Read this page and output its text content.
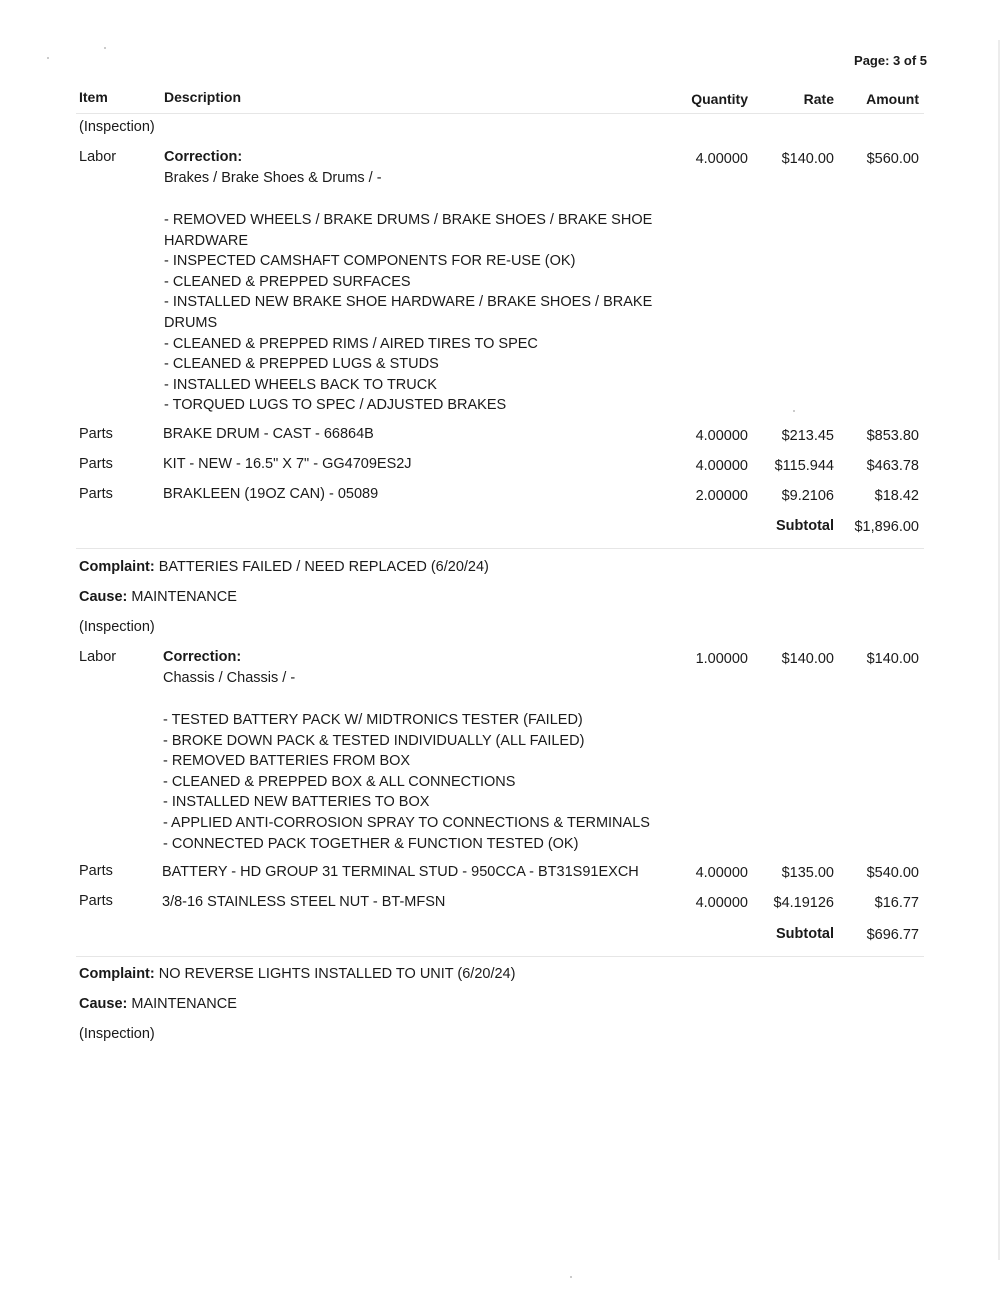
Page: 3 of 5
Item	Description	Quantity	Rate Amount
(Inspection)
Labor	Correction:
Brakes / Brake Shoes & Drums / -
4.00000 $140.00 $560.00
- REMOVED WHEELS / BRAKE DRUMS / BRAKE SHOES / BRAKE SHOE
HARDWARE
- INSPECTED CAMSHAFT COMPONENTS FOR RE-USE (OK)
- CLEANED & PREPPED SURFACES
- INSTALLED NEW BRAKE SHOE HARDWARE / BRAKE SHOES / BRAKE
DRUMS
- CLEANED & PREPPED RIMS / AIRED TIRES TO SPEC
- CLEANED & PREPPED LUGS & STUDS
- INSTALLED WHEELS BACK TO TRUCK
- TORQUED LUGS TO SPEC / ADJUSTED BRAKES
Parts	BRAKE DRUM - CAST - 66864B	4.00000 $213.45 $853.80
Parts	KIT - NEW - 16.5" X 7" - GG4709ES2J	4.00000 $115.944 $463.78
Parts	BRAKLEEN (19OZ CAN) - 05089	2.00000 $9.2106	$18.42
Subtotal $1,896.00
Complaint: BATTERIES FAILED / NEED REPLACED (6/20/24)
Cause: MAINTENANCE
(Inspection)
Labor	Correction:
Chassis / Chassis / -
1.00000 $140.00 $140.00
- TESTED BATTERY PACK W/ MIDTRONICS TESTER (FAILED)
- BROKE DOWN PACK & TESTED INDIVIDUALLY (ALL FAILED)
- REMOVED BATTERIES FROM BOX
- CLEANED & PREPPED BOX & ALL CONNECTIONS
- INSTALLED NEW BATTERIES TO BOX
- APPLIED ANTI-CORROSION SPRAY TO CONNECTIONS & TERMINALS
- CONNECTED PACK TOGETHER & FUNCTION TESTED (OK)
Parts	BATTERY - HD GROUP 31 TERMINAL STUD - 950CCA - BT31S91EXCH	4.00000 $135.00 $540.00
Parts	3/8-16 STAINLESS STEEL NUT - BT-MFSN	4.00000 $4.19126	$16.77
Subtotal $696.77
Complaint: NO REVERSE LIGHTS INSTALLED TO UNIT (6/20/24)
Cause: MAINTENANCE
(Inspection)
